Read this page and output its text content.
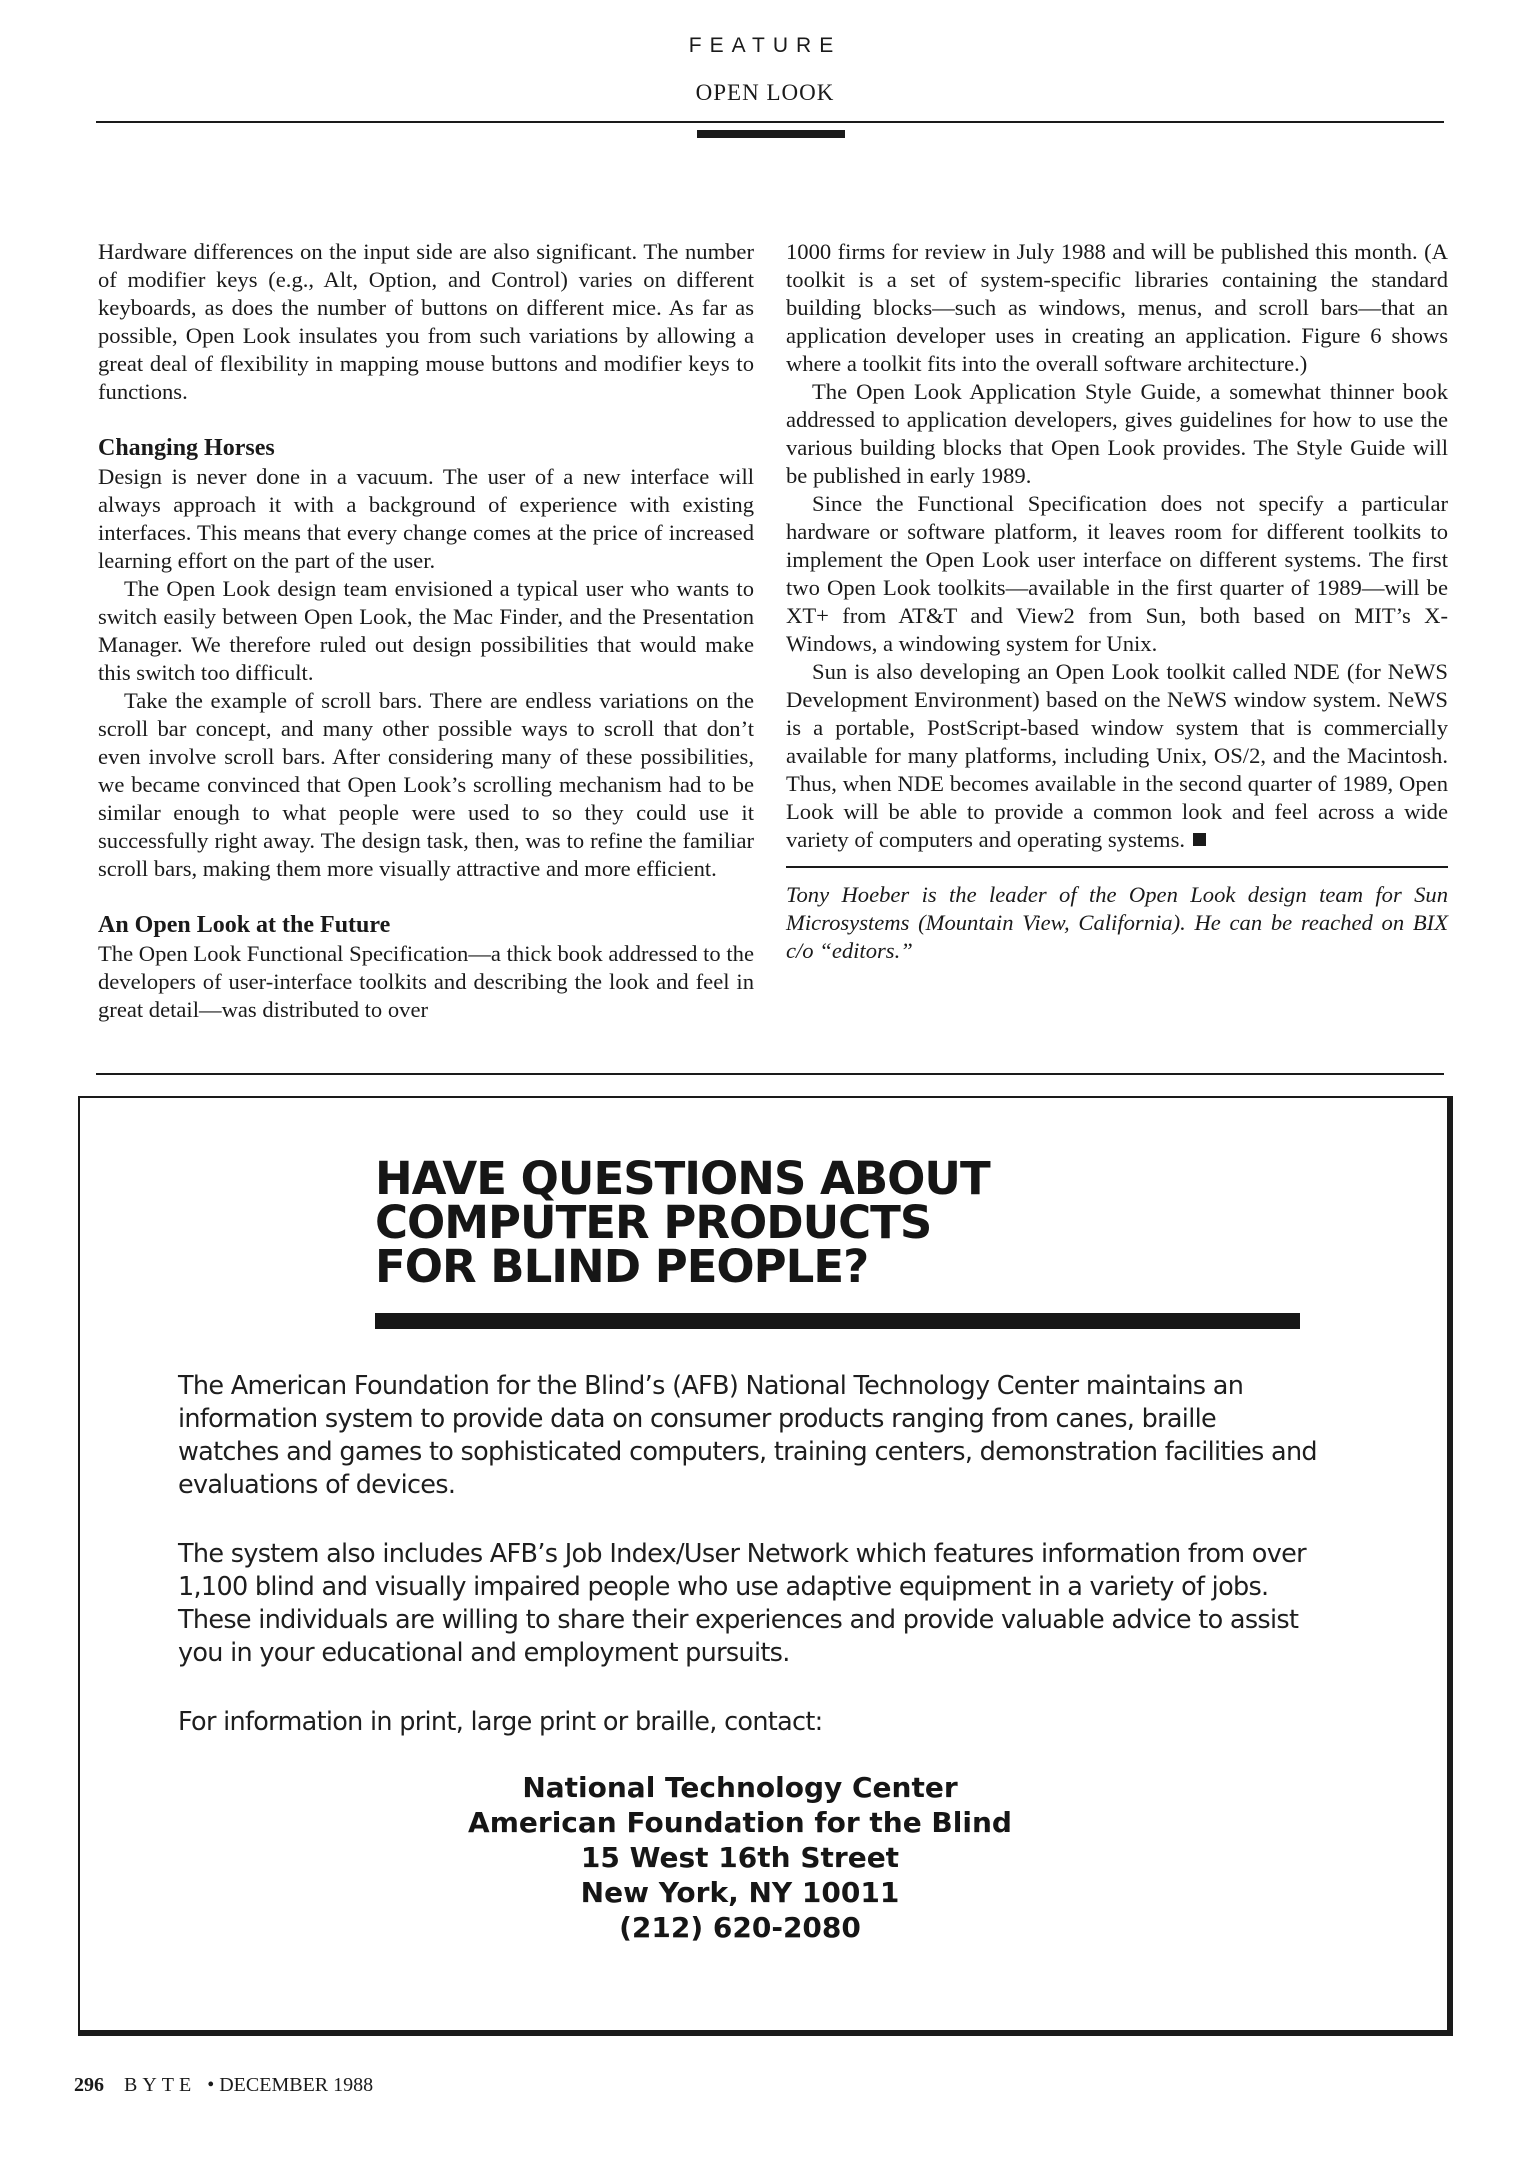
FEATURE
OPEN LOOK

Hardware differences on the input side are also significant. The number of modifier keys (e.g., Alt, Option, and Control) varies on different keyboards, as does the number of buttons on different mice. As far as possible, Open Look insulates you from such variations by allowing a great deal of flexibility in mapping mouse buttons and modifier keys to functions.

Changing Horses

Design is never done in a vacuum. The user of a new interface will always approach it with a background of experience with existing interfaces. This means that every change comes at the price of increased learning effort on the part of the user.

The Open Look design team envisioned a typical user who wants to switch easily between Open Look, the Mac Finder, and the Presentation Manager. We therefore ruled out design possibilities that would make this switch too difficult.

Take the example of scroll bars. There are endless variations on the scroll bar concept, and many other possible ways to scroll that don’t even involve scroll bars. After considering many of these possibilities, we became convinced that Open Look’s scrolling mechanism had to be similar enough to what people were used to so they could use it successfully right away. The design task, then, was to refine the familiar scroll bars, making them more visually attractive and more efficient.

An Open Look at the Future

The Open Look Functional Specification—a thick book addressed to the developers of user-interface toolkits and describing the look and feel in great detail—was distributed to over

1000 firms for review in July 1988 and will be published this month. (A toolkit is a set of system-specific libraries containing the standard building blocks—such as windows, menus, and scroll bars—that an application developer uses in creating an application. Figure 6 shows where a toolkit fits into the overall software architecture.)

The Open Look Application Style Guide, a somewhat thinner book addressed to application developers, gives guidelines for how to use the various building blocks that Open Look provides. The Style Guide will be published in early 1989.

Since the Functional Specification does not specify a particular hardware or software platform, it leaves room for different toolkits to implement the Open Look user interface on different systems. The first two Open Look toolkits—available in the first quarter of 1989—will be XT+ from AT&T and View2 from Sun, both based on MIT’s X-Windows, a windowing system for Unix.

Sun is also developing an Open Look toolkit called NDE (for NeWS Development Environment) based on the NeWS window system. NeWS is a portable, PostScript-based window system that is commercially available for many platforms, including Unix, OS/2, and the Macintosh. Thus, when NDE becomes available in the second quarter of 1989, Open Look will be able to provide a common look and feel across a wide variety of computers and operating systems.

Tony Hoeber is the leader of the Open Look design team for Sun Microsystems (Mountain View, California). He can be reached on BIX c/o “editors.”

HAVE QUESTIONS ABOUT
COMPUTER PRODUCTS
FOR BLIND PEOPLE?

The American Foundation for the Blind’s (AFB) National Technology Center maintains an information system to provide data on consumer products ranging from canes, braille watches and games to sophisticated computers, training centers, demonstration facilities and evaluations of devices.

The system also includes AFB’s Job Index/User Network which features information from over 1,100 blind and visually impaired people who use adaptive equipment in a variety of jobs. These individuals are willing to share their experiences and provide valuable advice to assist you in your educational and employment pursuits.

For information in print, large print or braille, contact:

National Technology Center
American Foundation for the Blind
15 West 16th Street
New York, NY 10011
(212) 620-2080
296 BYTE • DECEMBER 1988
